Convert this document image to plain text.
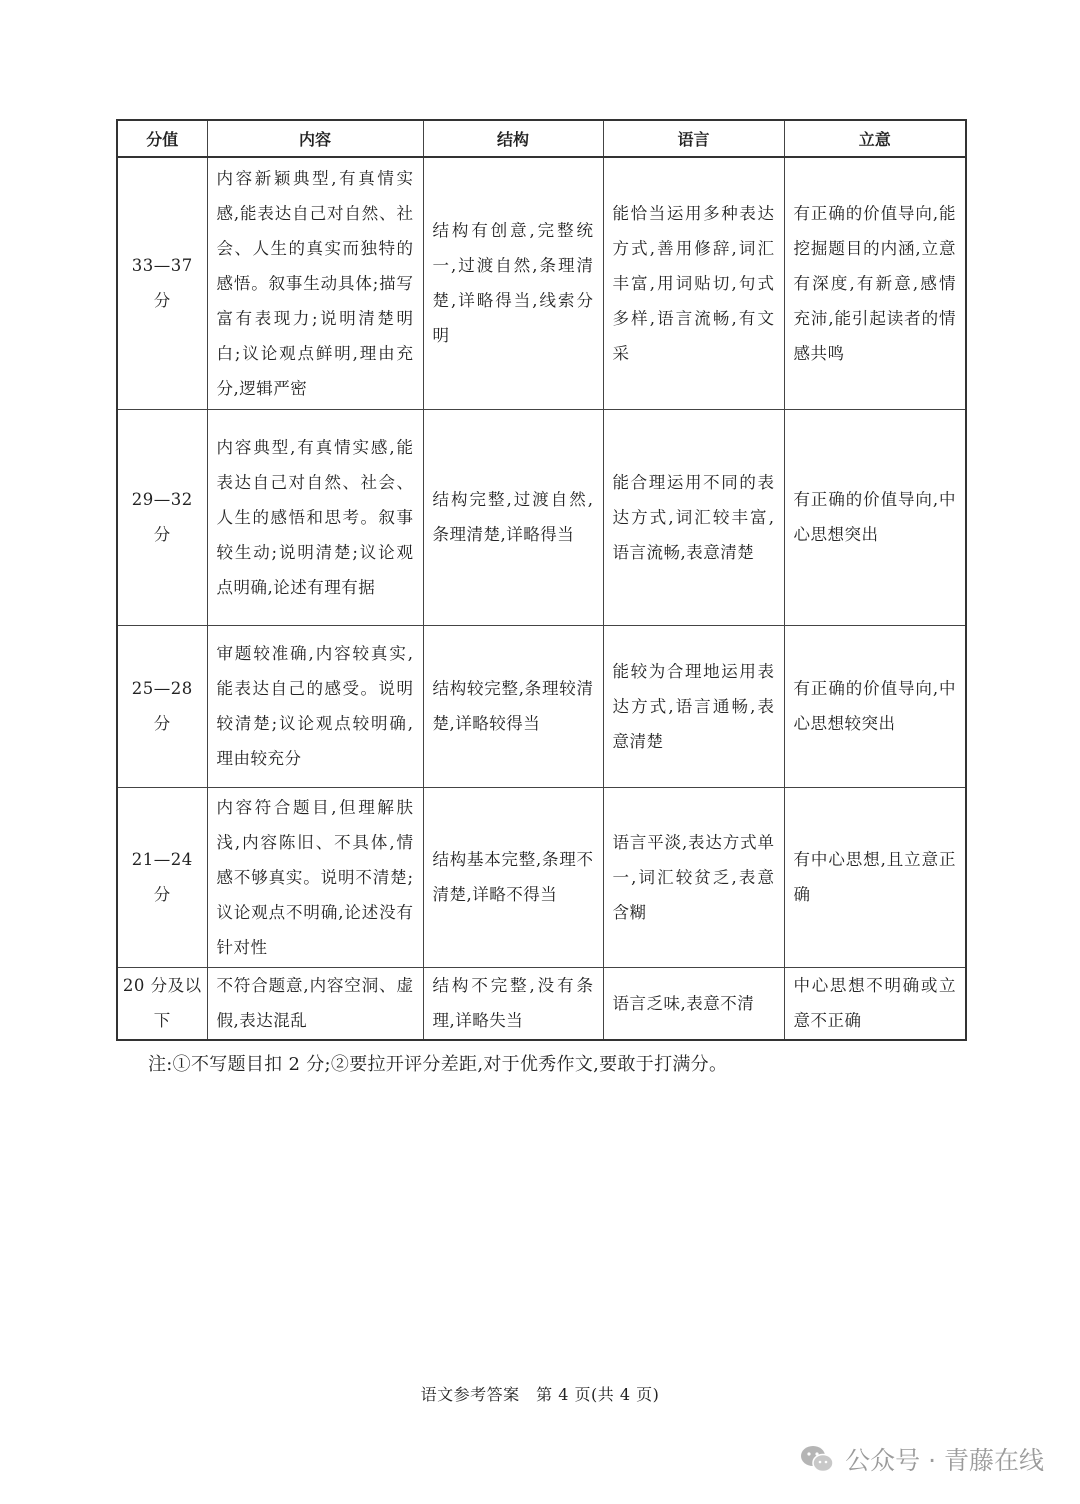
分值	内容	结构	语言	立意
33—37 分	内容新颖典型,有真情实感,能表达自己对自然、社会、人生的真实而独特的感悟。叙事生动具体;描写富有表现力;说明清楚明白;议论观点鲜明,理由充分,逻辑严密	结构有创意,完整统一,过渡自然,条理清楚,详略得当,线索分明	能恰当运用多种表达方式,善用修辞,词汇丰富,用词贴切,句式多样,语言流畅,有文采	有正确的价值导向,能挖掘题目的内涵,立意有深度,有新意,感情充沛,能引起读者的情感共鸣
29—32 分	内容典型,有真情实感,能表达自己对自然、社会、人生的感悟和思考。叙事较生动;说明清楚;议论观点明确,论述有理有据	结构完整,过渡自然,条理清楚,详略得当	能合理运用不同的表达方式,词汇较丰富,语言流畅,表意清楚	有正确的价值导向,中心思想突出
25—28 分	审题较准确,内容较真实,能表达自己的感受。说明较清楚;议论观点较明确,理由较充分	结构较完整,条理较清楚,详略较得当	能较为合理地运用表达方式,语言通畅,表意清楚	有正确的价值导向,中心思想较突出
21—24 分	内容符合题目,但理解肤浅,内容陈旧、不具体,情感不够真实。说明不清楚;议论观点不明确,论述没有针对性	结构基本完整,条理不清楚,详略不得当	语言平淡,表达方式单一,词汇较贫乏,表意含糊	有中心思想,且立意正确
20 分及以下	不符合题意,内容空洞、虚假,表达混乱	结构不完整,没有条理,详略失当	语言乏味,表意不清	中心思想不明确或立意不正确
注:①不写题目扣 2 分;②要拉开评分差距,对于优秀作文,要敢于打满分。
语文参考答案　第 4 页(共 4 页)
公众号 · 青藤在线
